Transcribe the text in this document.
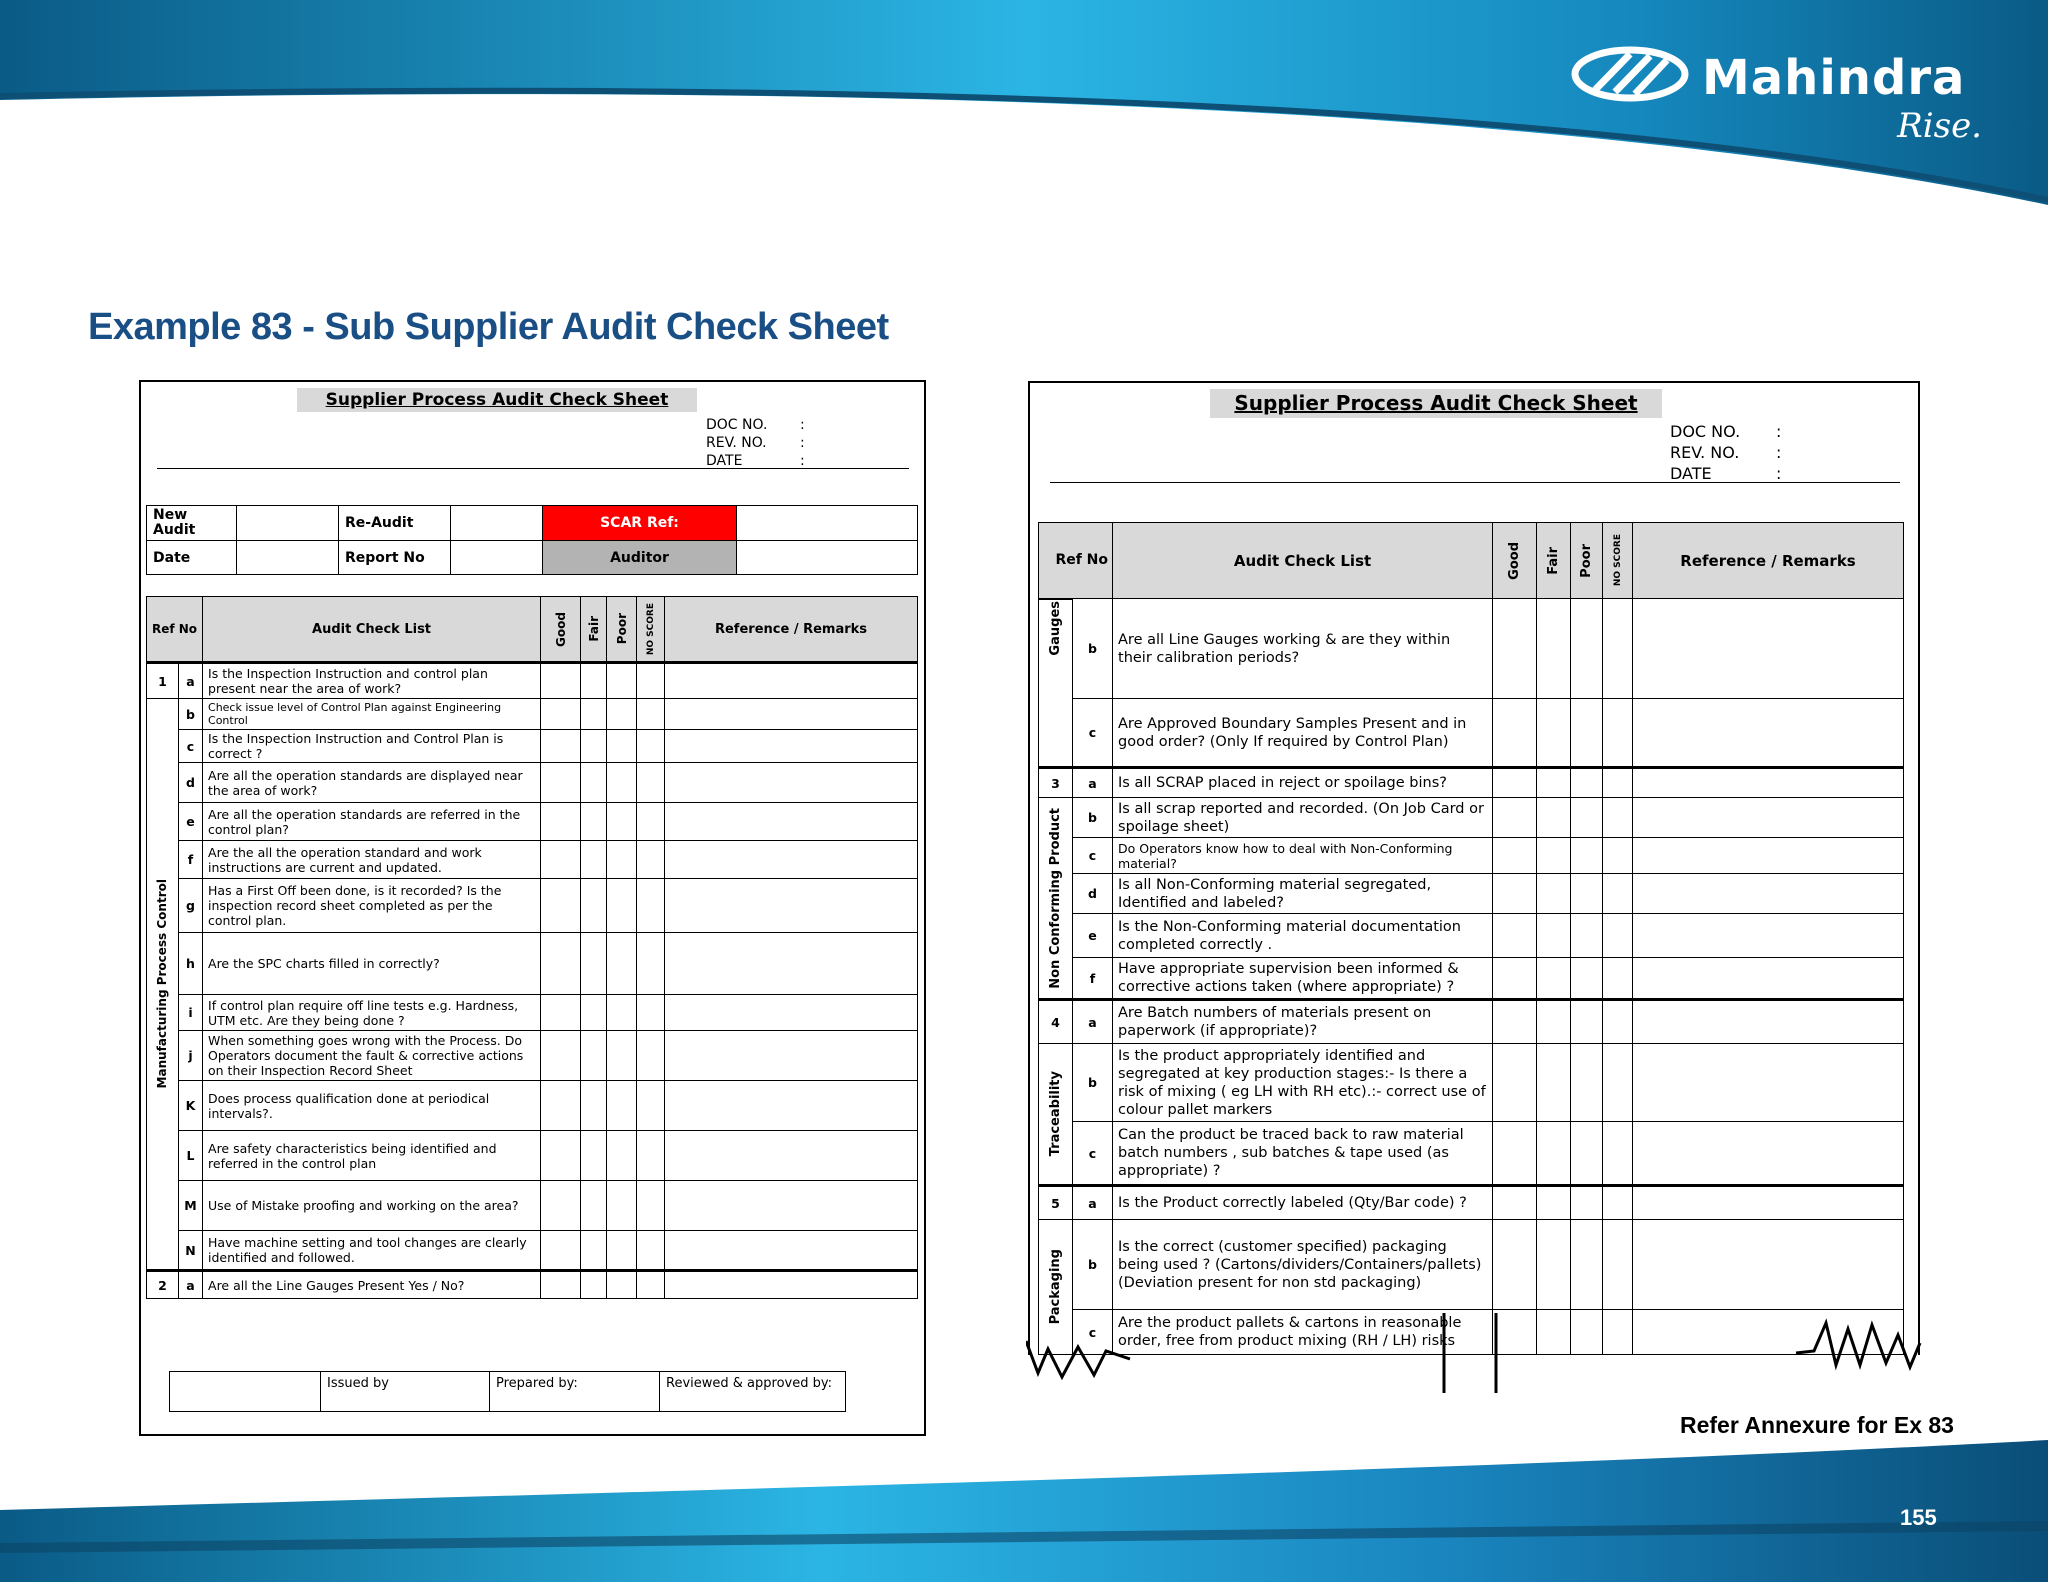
Mahindra
Rise.
Example 83 - Sub Supplier Audit Check Sheet
Supplier Process Audit Check Sheet
DOC NO.	:
REV. NO.	:
DATE	:
New Audit		Re-Audit		SCAR Ref:	
Date		Report No		Auditor	
Ref No		Audit Check List	Good	Fair	Poor	NO SCORE	Reference / Remarks
1	a	Is the Inspection Instruction and control plan present near the area of work?					

Manufacturing Process Control	b	Check issue level of Control Plan against Engineering Control					
	c	Is the Inspection Instruction and Control Plan is correct ?					
	d	Are all the operation standards are displayed near the area of work?					
	e	Are all the operation standards are referred in the control plan?					
	f	Are the all the operation standard and work instructions are current and updated.					
	g	Has a First Off been done, is it recorded? Is the inspection record sheet completed as per the control plan.					
	h	Are the SPC charts filled in correctly?					
	i	If control plan require off line tests e.g. Hardness, UTM etc. Are they being done ?					
	j	When something goes wrong with the Process. Do Operators document the fault & corrective actions on their Inspection Record Sheet					
	K	Does process qualification done at periodical intervals?.					
	L	Are safety characteristics being identified and referred in the control plan					
	M	Use of Mistake proofing and working on the area?					
	N	Have machine setting and tool changes are clearly identified and followed.					
2	a	Are all the Line Gauges Present Yes / No?					
	Issued by	Prepared by:	Reviewed & approved by:
Supplier Process Audit Check Sheet
DOC NO.	:
REV. NO.	:
DATE	:
Ref No		Audit Check List	Good	Fair	Poor	NO SCORE	Reference / Remarks

Gauges	b	Are all Line Gauges working & are they within their calibration periods?					
	c	Are Approved Boundary Samples Present and in good order? (Only If required by Control Plan)					
3	a	Is all SCRAP placed in reject or spoilage bins?					

Non Conforming Product	b	Is all scrap reported and recorded. (On Job Card or spoilage sheet)					
	c	Do Operators know how to deal with Non-Conforming material?					
	d	Is all Non-Conforming material segregated, Identified and labeled?					
	e	Is the Non-Conforming material documentation completed correctly .					
	f	Have appropriate supervision been informed & corrective actions taken (where appropriate) ?					
4	a	Are Batch numbers of materials present on paperwork (if appropriate)?					

Traceability	b	Is the product appropriately identified and segregated at key production stages:- Is there a risk of mixing ( eg LH with RH etc).:- correct use of colour pallet markers					
	c	Can the product be traced back to raw material batch numbers , sub batches & tape used (as appropriate) ?					
5	a	Is the Product correctly labeled (Qty/Bar code) ?					

Packaging	b	Is the correct (customer specified) packaging being used ? (Cartons/dividers/Containers/pallets) (Deviation present for non std packaging)					
	c	Are the product pallets & cartons in reasonable order, free from product mixing (RH / LH) risks					

Refer Annexure for Ex 83
155
